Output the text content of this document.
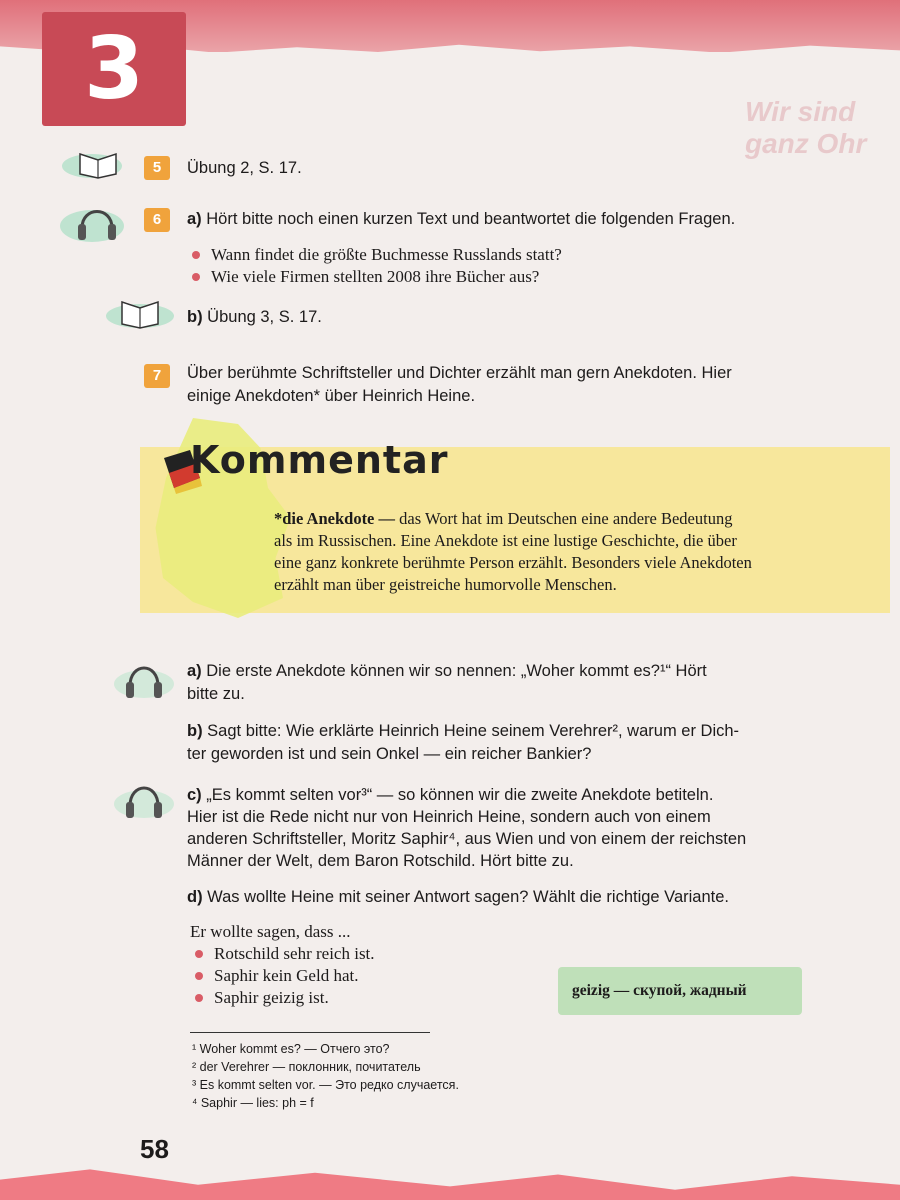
3	Wir sind ganz Ohr
5	Übung 2, S. 17.
6	a) Hört bitte noch einen kurzen Text und beantwortet die folgenden Fragen.
Wann findet die größte Buchmesse Russlands statt?
Wie viele Firmen stellten 2008 ihre Bücher aus?
b) Übung 3, S. 17.
7	Über berühmte Schriftsteller und Dichter erzählt man gern Anekdoten. Hier
einige Anekdoten* über Heinrich Heine.
Kommentar
*die Anekdote — das Wort hat im Deutschen eine andere Bedeutung
als im Russischen. Eine Anekdote ist eine lustige Geschichte, die über
eine ganz konkrete berühmte Person erzählt. Besonders viele Anekdoten
erzählt man über geistreiche humorvolle Menschen.
a) Die erste Anekdote können wir so nennen: „Woher kommt es?¹“ Hört
bitte zu.
b) Sagt bitte: Wie erklärte Heinrich Heine seinem Verehrer², warum er Dich-
ter geworden ist und sein Onkel — ein reicher Bankier?
c) „Es kommt selten vor³“ — so können wir die zweite Anekdote betiteln.
Hier ist die Rede nicht nur von Heinrich Heine, sondern auch von einem
anderen Schriftsteller, Moritz Saphir⁴, aus Wien und von einem der reichsten
Männer der Welt, dem Baron Rotschild. Hört bitte zu.
d) Was wollte Heine mit seiner Antwort sagen? Wählt die richtige Variante.
Er wollte sagen, dass ...
Rotschild sehr reich ist.
Saphir kein Geld hat.
Saphir geizig ist.	geizig — скупой, жадный
¹ Woher kommt es? — Отчего это?
² der Verehrer — поклонник, почитатель
³ Es kommt selten vor. — Это редко случается.
⁴ Saphir — lies: ph = f
58
